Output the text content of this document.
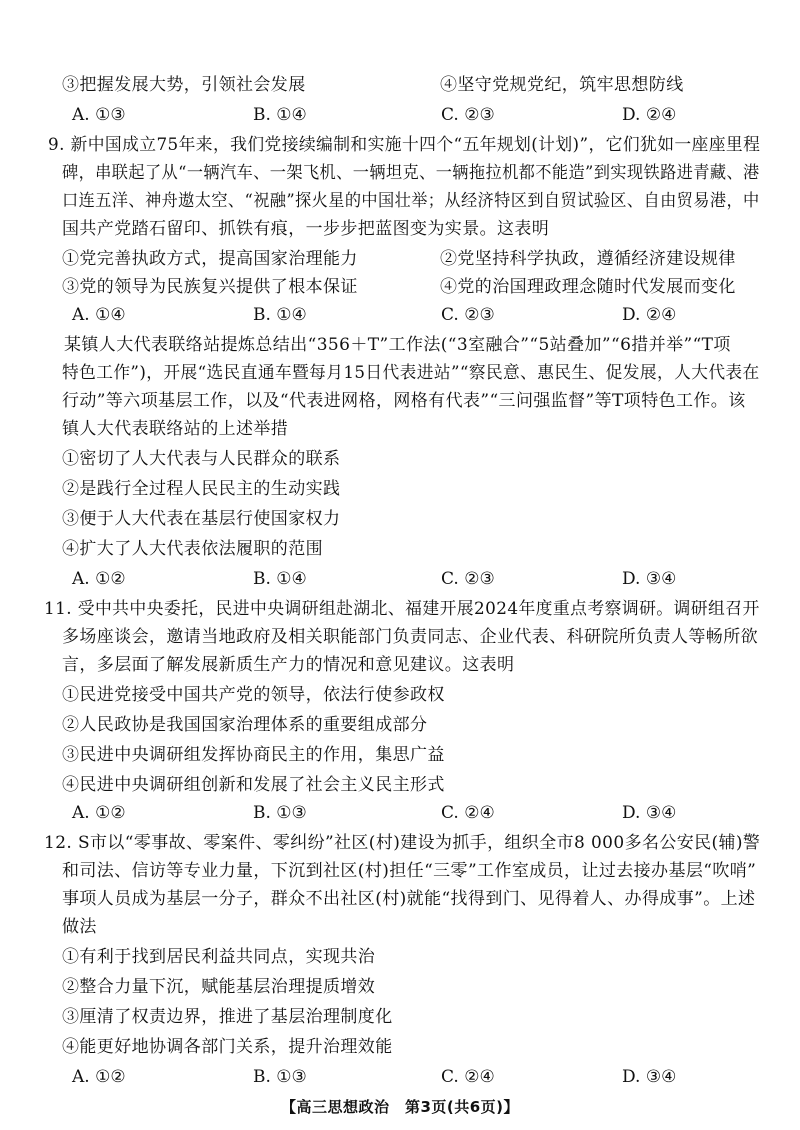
③把握发展大势，引领社会发展	④坚守党规党纪，筑牢思想防线
A. ①③	B. ①④	C. ②③	D. ②④
9. 新中国成立75年来，我们党接续编制和实施十四个“五年规划(计划)”，它们犹如一座座里程
碑，串联起了从“一辆汽车、一架飞机、一辆坦克、一辆拖拉机都不能造”到实现铁路进青藏、港
口连五洋、神舟遨太空、“祝融”探火星的中国壮举；从经济特区到自贸试验区、自由贸易港，中
国共产党踏石留印、抓铁有痕，一步步把蓝图变为实景。这表明
①党完善执政方式，提高国家治理能力	②党坚持科学执政，遵循经济建设规律
③党的领导为民族复兴提供了根本保证	④党的治国理政理念随时代发展而变化
A. ①④	B. ①④	C. ②③	D. ②④
某镇人大代表联络站提炼总结出“356＋T”工作法(“3室融合”“5站叠加”“6措并举”“T项
特色工作”)，开展“选民直通车暨每月15日代表进站”“察民意、惠民生、促发展，人大代表在
行动”等六项基层工作，以及“代表进网格，网格有代表”“三问强监督”等T项特色工作。该
镇人大代表联络站的上述举措
①密切了人大代表与人民群众的联系
②是践行全过程人民民主的生动实践
③便于人大代表在基层行使国家权力
④扩大了人大代表依法履职的范围
A. ①②	B. ①④	C. ②③	D. ③④
11. 受中共中央委托，民进中央调研组赴湖北、福建开展2024年度重点考察调研。调研组召开
多场座谈会，邀请当地政府及相关职能部门负责同志、企业代表、科研院所负责人等畅所欲
言，多层面了解发展新质生产力的情况和意见建议。这表明
①民进党接受中国共产党的领导，依法行使参政权
②人民政协是我国国家治理体系的重要组成部分
③民进中央调研组发挥协商民主的作用，集思广益
④民进中央调研组创新和发展了社会主义民主形式
A. ①②	B. ①③	C. ②④	D. ③④
12. S市以“零事故、零案件、零纠纷”社区(村)建设为抓手，组织全市8 000多名公安民(辅)警
和司法、信访等专业力量，下沉到社区(村)担任“三零”工作室成员，让过去接办基层“吹哨”
事项人员成为基层一分子，群众不出社区(村)就能“找得到门、见得着人、办得成事”。上述
做法
①有利于找到居民利益共同点，实现共治
②整合力量下沉，赋能基层治理提质增效
③厘清了权责边界，推进了基层治理制度化
④能更好地协调各部门关系，提升治理效能
A. ①②	B. ①③	C. ②④	D. ③④
【高三思想政治　第3页(共6页)】
